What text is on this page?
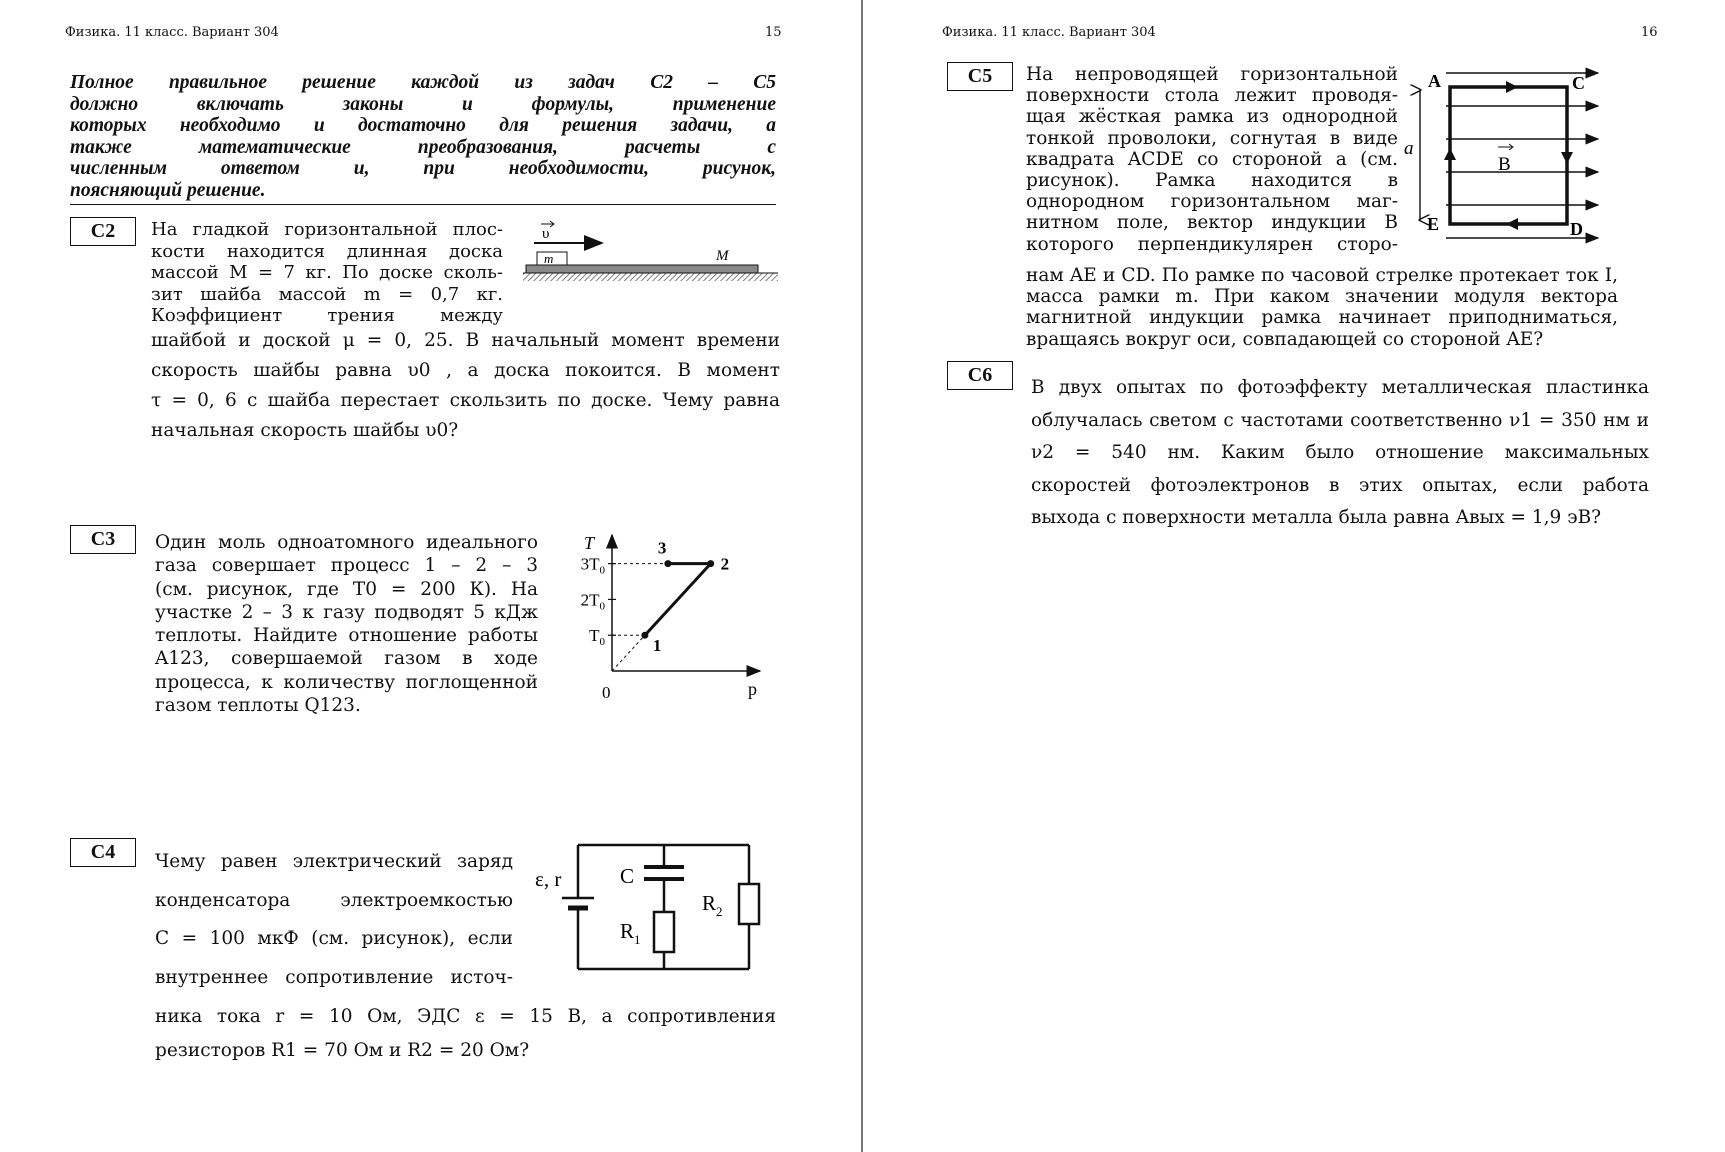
Физика. 11 класс. Вариант 304	15
Полное правильное решение каждой из задач С2 – С5
должно включать законы и формулы, применение
которых необходимо и достаточно для решения задачи, а
также математические преобразования, расчеты с
численным ответом и, при необходимости, рисунок,
поясняющий решение.
С2	На гладкой горизонтальной плос-
кости находится длинная доска
массой M = 7 кг. По доске сколь-
зит шайба массой m = 0,7 кг.
Коэффициент трения между
шайбой и доской μ = 0, 25. В начальный момент времени
скорость шайбы равна υ0 , а доска покоится. В момент
τ = 0, 6 с шайба перестает скользить по доске. Чему равна
начальная скорость шайбы υ0?
m
υ
M
С3	Один моль одноатомного идеального
газа совершает процесс 1 – 2 – 3
(см. рисунок, где T0 = 200 К). На
участке 2 – 3 к газу подводят 5 кДж
теплоты. Найдите отношение работы
A123, совершаемой газом в ходе
процесса, к количеству поглощенной
газом теплоты Q123.
T
p
0
$T_0$
$2T_0$
$3T_0$
1
2
3
С4	Чему равен электрический заряд
конденсатора электроемкостью
С = 100 мкФ (см. рисунок), если
внутреннее сопротивление источ-
ника тока r = 10 Ом, ЭДС ε = 15 В, а сопротивления
резисторов R1 = 70 Ом и R2 = 20 Ом?
ε, r	C
$R_1$
$R_2$
Физика. 11 класс. Вариант 304	16
С5	На непроводящей горизонтальной
поверхности стола лежит проводя-
щая жёсткая рамка из однородной
тонкой проволоки, согнутая в виде
квадрата ACDE со стороной a (см.
рисунок). Рамка находится в
однородном горизонтальном маг-
нитном поле, вектор индукции B
которого перпендикулярен сторо-
нам AE и CD. По рамке по часовой стрелке протекает ток I,
масса рамки m. При каком значении модуля вектора
магнитной индукции рамка начинает приподниматься,
вращаясь вокруг оси, совпадающей со стороной AE?
a
A	C
E	D
B
С6
В двух опытах по фотоэффекту металлическая пластинка
облучалась светом с частотами соответственно ν1 = 350 нм и
ν2 = 540 нм. Каким было отношение максимальных
скоростей фотоэлектронов в этих опытах, если работа
выхода с поверхности металла была равна Aвых = 1,9 эВ?
